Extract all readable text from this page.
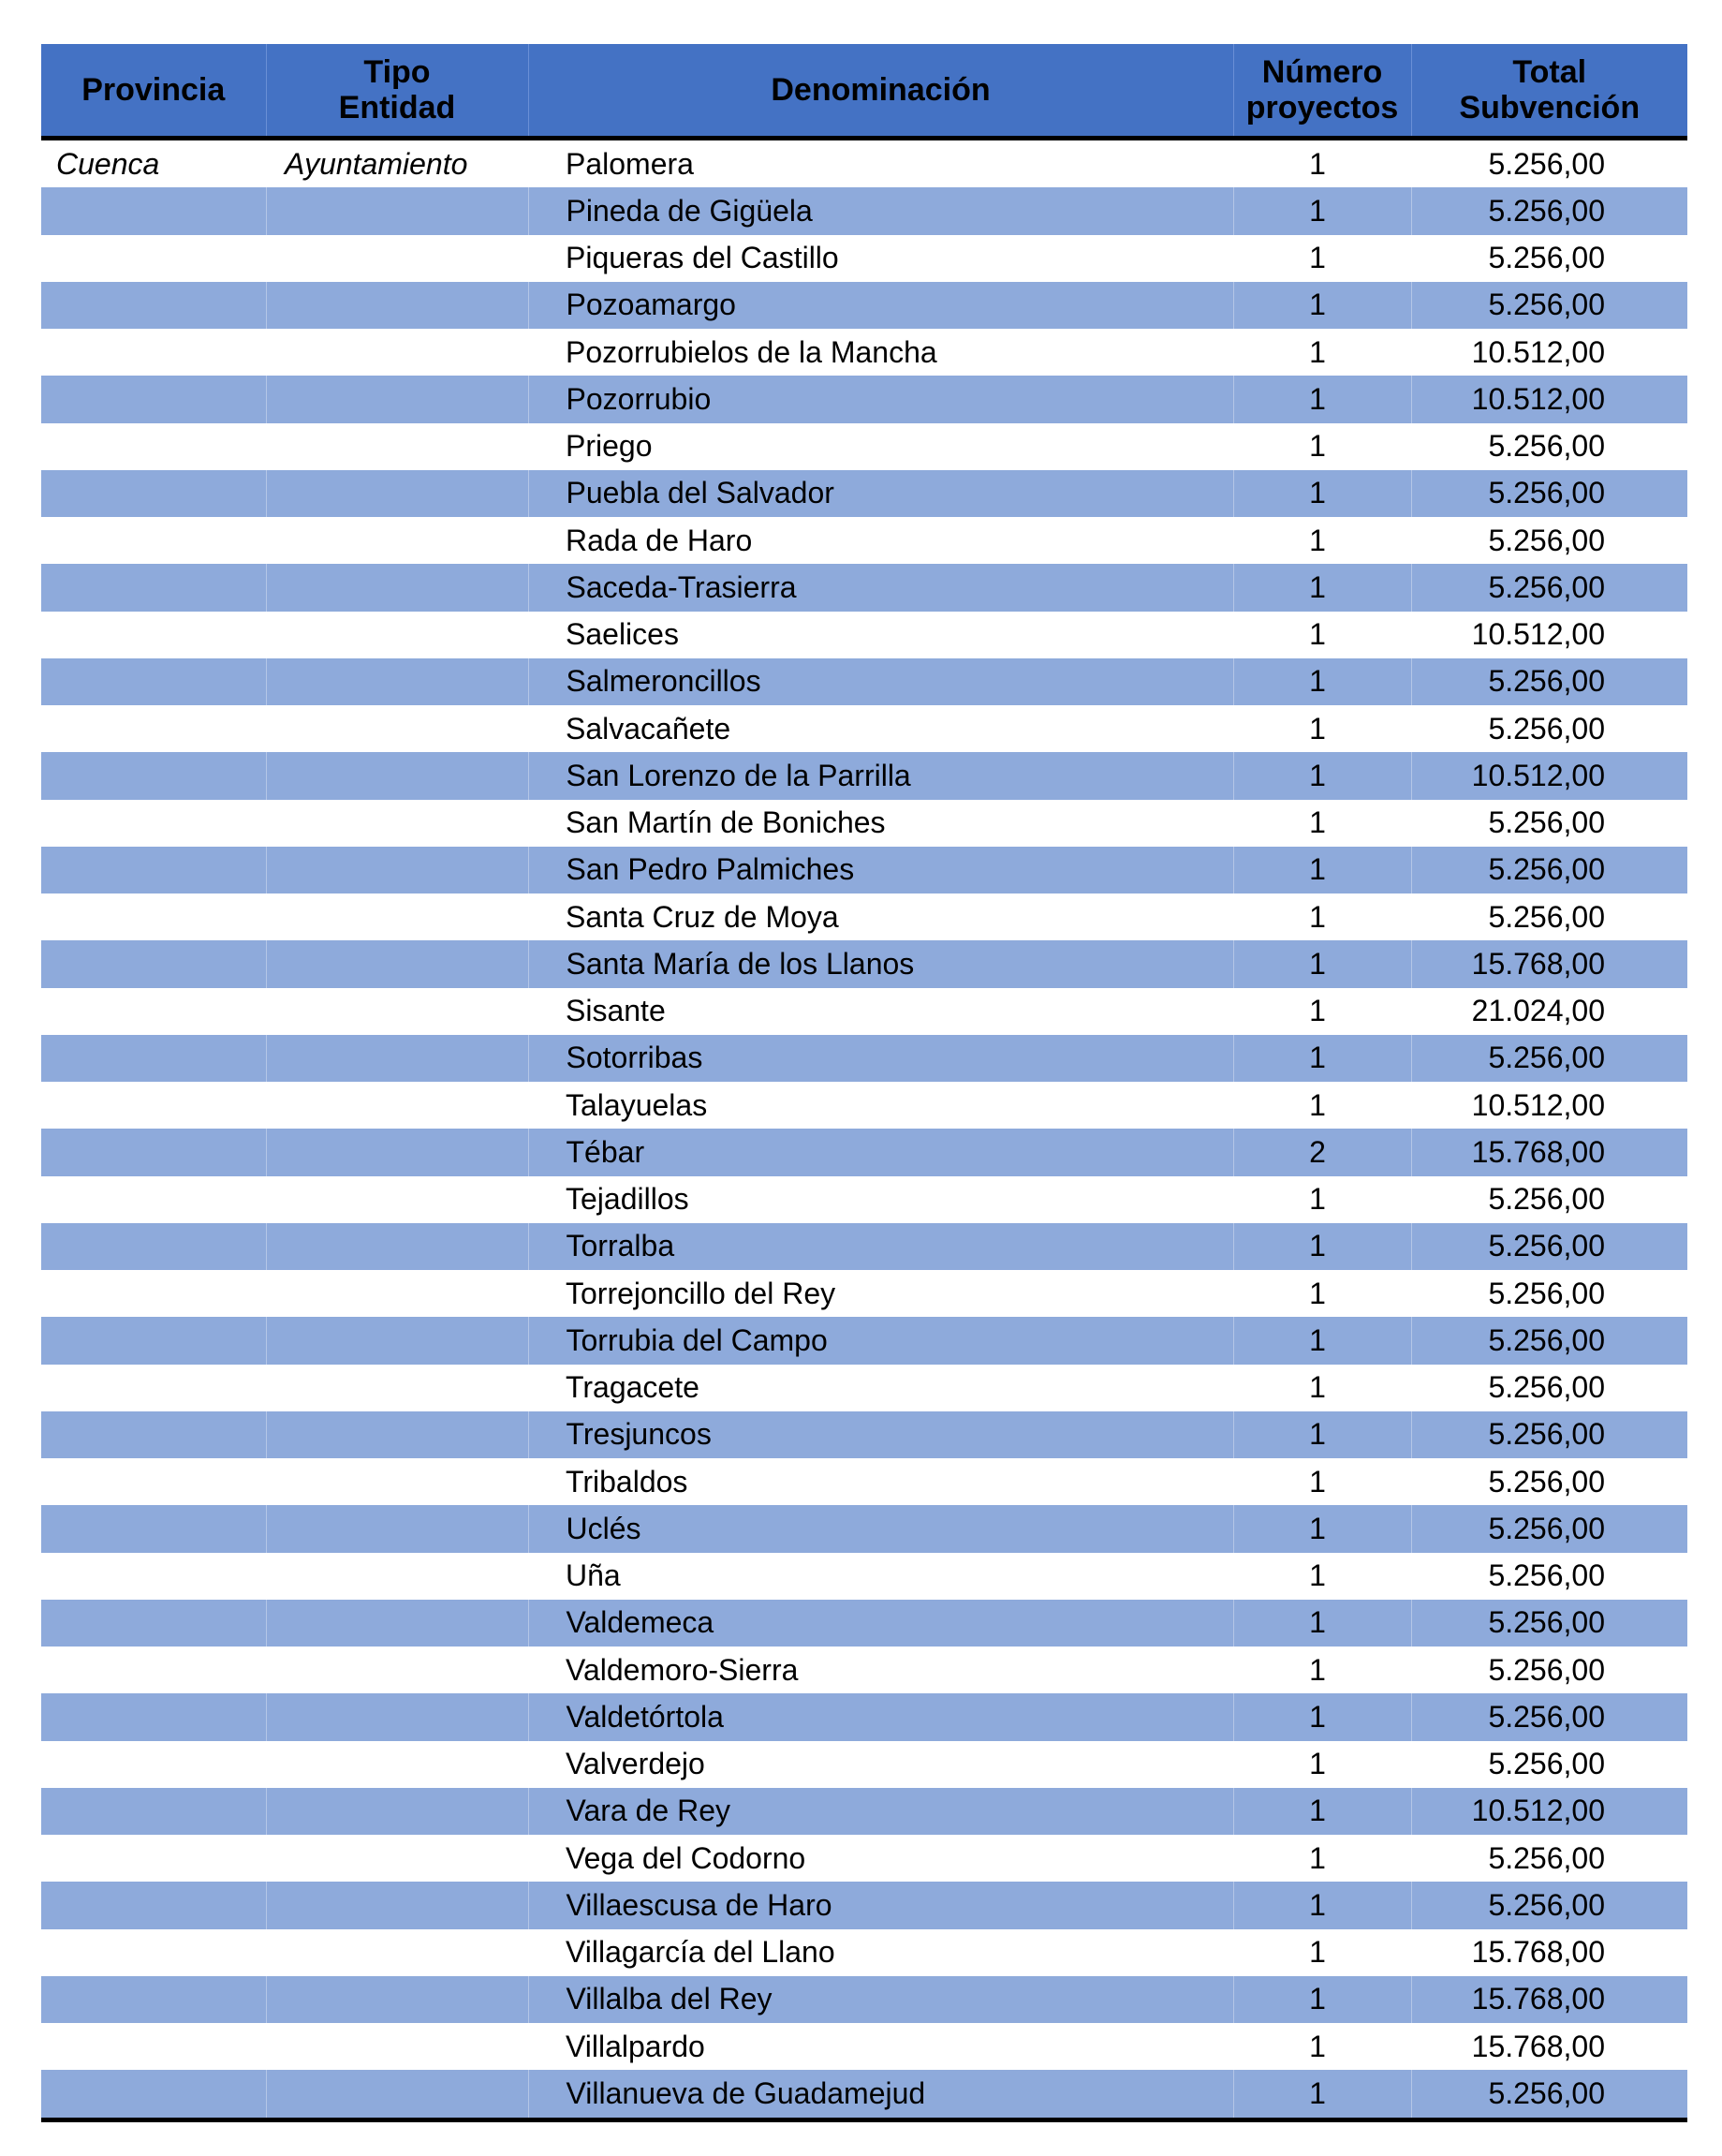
Provincia	Tipo Entidad	Denominación	Número proyectos	Total Subvención
Cuenca	Ayuntamiento	Palomera	1	5.256,00
		Pineda de Gigüela	1	5.256,00
		Piqueras del Castillo	1	5.256,00
		Pozoamargo	1	5.256,00
		Pozorrubielos de la Mancha	1	10.512,00
		Pozorrubio	1	10.512,00
		Priego	1	5.256,00
		Puebla del Salvador	1	5.256,00
		Rada de Haro	1	5.256,00
		Saceda-Trasierra	1	5.256,00
		Saelices	1	10.512,00
		Salmeroncillos	1	5.256,00
		Salvacañete	1	5.256,00
		San Lorenzo de la Parrilla	1	10.512,00
		San Martín de Boniches	1	5.256,00
		San Pedro Palmiches	1	5.256,00
		Santa Cruz de Moya	1	5.256,00
		Santa María de los Llanos	1	15.768,00
		Sisante	1	21.024,00
		Sotorribas	1	5.256,00
		Talayuelas	1	10.512,00
		Tébar	2	15.768,00
		Tejadillos	1	5.256,00
		Torralba	1	5.256,00
		Torrejoncillo del Rey	1	5.256,00
		Torrubia del Campo	1	5.256,00
		Tragacete	1	5.256,00
		Tresjuncos	1	5.256,00
		Tribaldos	1	5.256,00
		Uclés	1	5.256,00
		Uña	1	5.256,00
		Valdemeca	1	5.256,00
		Valdemoro-Sierra	1	5.256,00
		Valdetórtola	1	5.256,00
		Valverdejo	1	5.256,00
		Vara de Rey	1	10.512,00
		Vega del Codorno	1	5.256,00
		Villaescusa de Haro	1	5.256,00
		Villagarcía del Llano	1	15.768,00
		Villalba del Rey	1	15.768,00
		Villalpardo	1	15.768,00
		Villanueva de Guadamejud	1	5.256,00
